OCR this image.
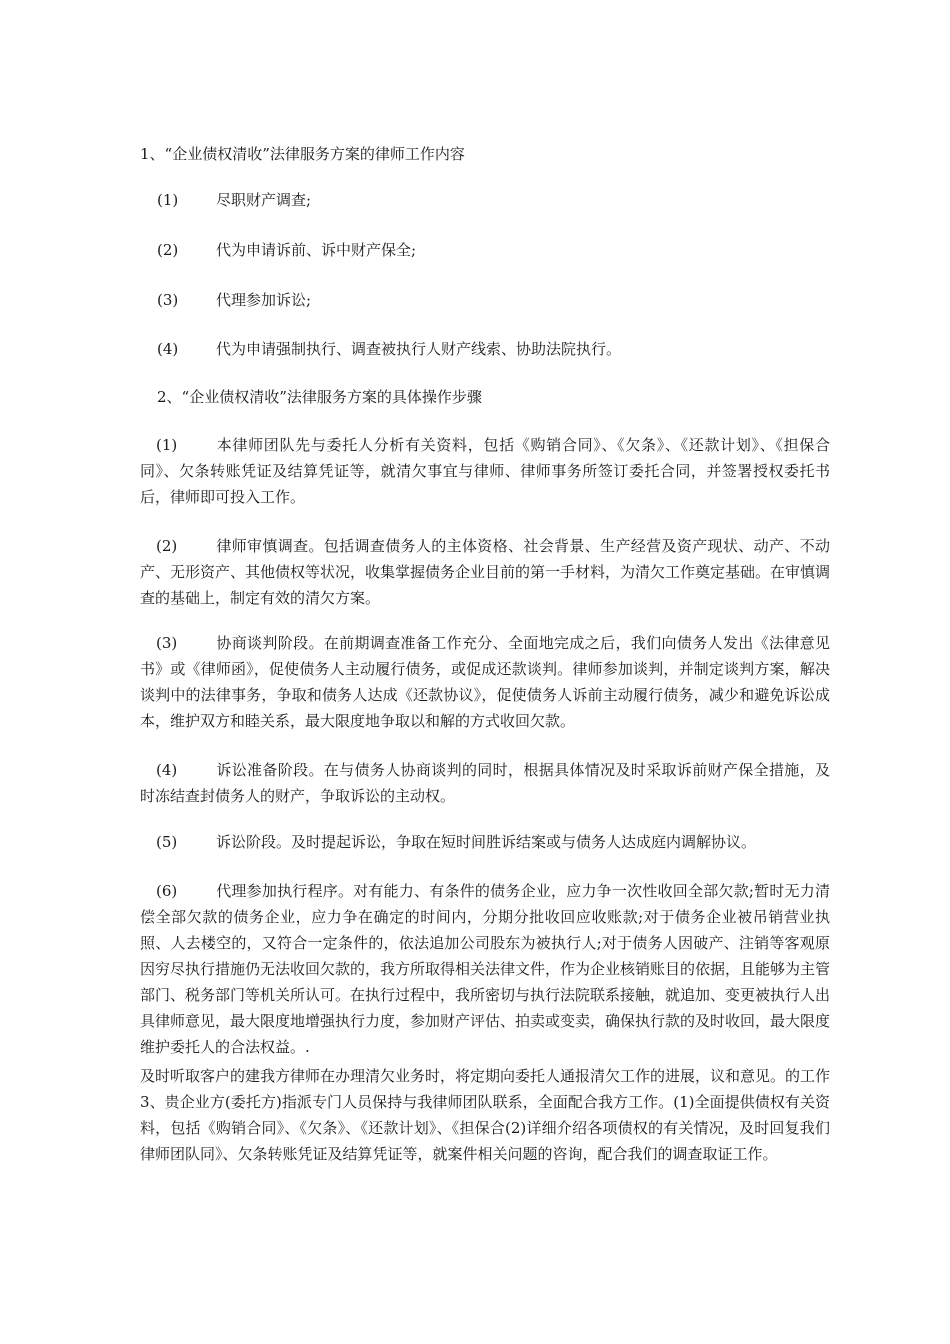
1、“企业债权清收”法律服务方案的律师工作内容
(1)	尽职财产调查;
(2)	代为申请诉前、诉中财产保全;
(3)	代理参加诉讼;
(4)	代为申请强制执行、调查被执行人财产线索、协助法院执行。
2、“企业债权清收”法律服务方案的具体操作步骤
(1)	本律师团队先与委托人分析有关资料，包括《购销合同》、《欠条》、《还款计划》、《担保合同》、欠条转账凭证及结算凭证等，就清欠事宜与律师、律师事务所签订委托合同，并签署授权委托书后，律师即可投入工作。
(2)	律师审慎调查。包括调查债务人的主体资格、社会背景、生产经营及资产现状、动产、不动产、无形资产、其他债权等状况，收集掌握债务企业目前的第一手材料，为清欠工作奠定基础。在审慎调查的基础上，制定有效的清欠方案。
(3)	协商谈判阶段。在前期调查准备工作充分、全面地完成之后，我们向债务人发出《法律意见书》或《律师函》，促使债务人主动履行债务，或促成还款谈判。律师参加谈判，并制定谈判方案，解决谈判中的法律事务，争取和债务人达成《还款协议》，促使债务人诉前主动履行债务，减少和避免诉讼成本，维护双方和睦关系，最大限度地争取以和解的方式收回欠款。
(4)	诉讼准备阶段。在与债务人协商谈判的同时，根据具体情况及时采取诉前财产保全措施，及时冻结查封债务人的财产，争取诉讼的主动权。
(5)	诉讼阶段。及时提起诉讼，争取在短时间胜诉结案或与债务人达成庭内调解协议。
(6)	代理参加执行程序。对有能力、有条件的债务企业，应力争一次性收回全部欠款;暂时无力清偿全部欠款的债务企业，应力争在确定的时间内，分期分批收回应收账款;对于债务企业被吊销营业执照、人去楼空的，又符合一定条件的，依法追加公司股东为被执行人;对于债务人因破产、注销等客观原因穷尽执行措施仍无法收回欠款的，我方所取得相关法律文件，作为企业核销账目的依据，且能够为主管部门、税务部门等机关所认可。在执行过程中，我所密切与执行法院联系接触，就追加、变更被执行人出具律师意见，最大限度地增强执行力度，参加财产评估、拍卖或变卖，确保执行款的及时收回，最大限度维护委托人的合法权益。.
及时听取客户的建我方律师在办理清欠业务时，将定期向委托人通报清欠工作的进展，议和意见。的工作 3、贵企业方(委托方)指派专门人员保持与我律师团队联系，全面配合我方工作。(1)全面提供债权有关资料，包括《购销合同》、《欠条》、《还款计划》、《担保合(2)详细介绍各项债权的有关情况，及时回复我们律师团队同》、欠条转账凭证及结算凭证等，就案件相关问题的咨询，配合我们的调查取证工作。
